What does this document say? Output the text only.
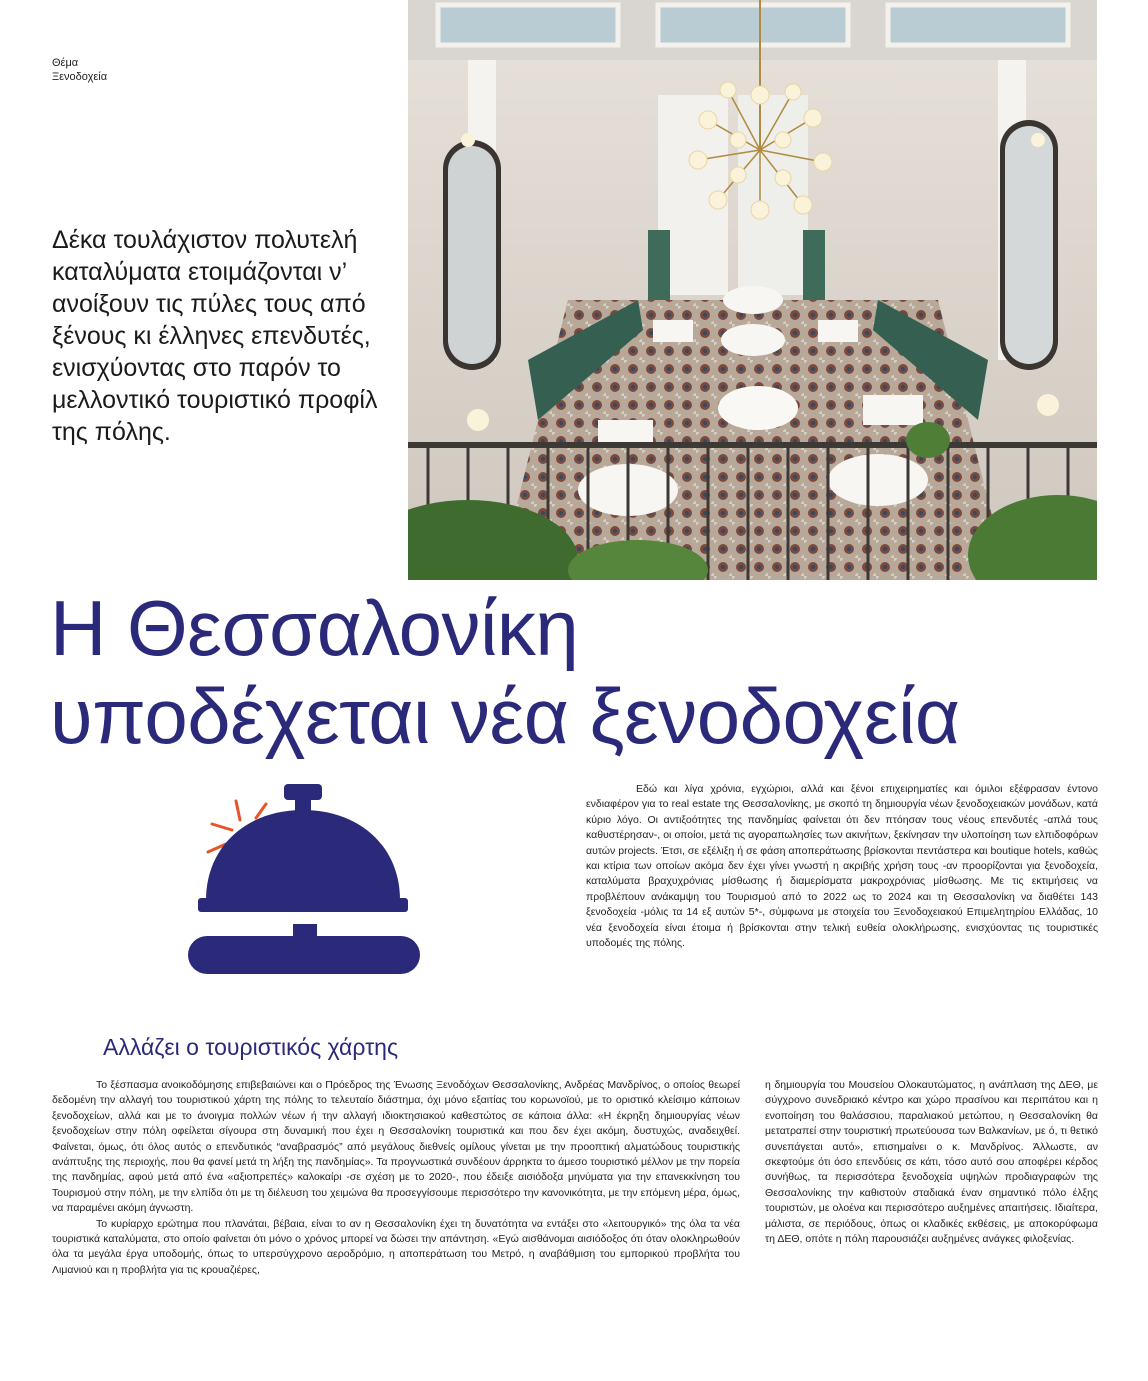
Θέμα
Ξενοδοχεία
Δέκα τουλάχιστον πολυτελή καταλύματα ετοιμάζονται ν’ ανοίξουν τις πύλες τους από ξένους κι έλληνες επενδυτές, ενισχύοντας στο παρόν το μελλοντικό τουριστικό προφίλ της πόλης.
Η Θεσσαλονίκη
υποδέχεται νέα ξενοδοχεία

Εδώ και λίγα χρόνια, εγχώριοι, αλλά και ξένοι επιχειρηματίες και όμιλοι εξέφρασαν έντονο ενδιαφέρον για το real estate της Θεσσαλονίκης, με σκοπό τη δημιουργία νέων ξενοδοχειακών μονάδων, κατά κύριο λόγο. Οι αντιξοότητες της πανδημίας φαίνεται ότι δεν πτόησαν τους νέους επενδυτές -απλά τους καθυστέρησαν-, οι οποίοι, μετά τις αγοραπωλησίες των ακινήτων, ξεκίνησαν την υλοποίηση των ελπιδοφόρων αυτών projects. Έτσι, σε εξέλιξη ή σε φάση αποπεράτωσης βρίσκονται πεντάστερα και boutique hotels, καθώς και κτίρια των οποίων ακόμα δεν έχει γίνει γνωστή η ακριβής χρήση τους -αν προορίζονται για ξενοδοχεία, καταλύματα βραχυχρόνιας μίσθωσης ή διαμερίσματα μακροχρόνιας μίσθωσης. Με τις εκτιμήσεις να προβλέπουν ανάκαμψη του Τουρισμού από το 2022 ως το 2024 και τη Θεσσαλονίκη να διαθέτει 143 ξενοδοχεία -μόλις τα 14 εξ αυτών 5*-, σύμφωνα με στοιχεία του Ξενοδοχειακού Επιμελητηρίου Ελλάδας, 10 νέα ξενοδοχεία είναι έτοιμα ή βρίσκονται στην τελική ευθεία ολοκλήρωσης, ενισχύοντας τις τουριστικές υποδομές της πόλης.

Αλλάζει ο τουριστικός χάρτης

Το ξέσπασμα ανοικοδόμησης επιβεβαιώνει και ο Πρόεδρος της Ένωσης Ξενοδόχων Θεσσαλονίκης, Ανδρέας Μανδρίνος, ο οποίος θεωρεί δεδομένη την αλλαγή του τουριστικού χάρτη της πόλης το τελευταίο διάστημα, όχι μόνο εξαιτίας του κορωνοϊού, με το οριστικό κλείσιμο κάποιων ξενοδοχείων, αλλά και με το άνοιγμα πολλών νέων ή την αλλαγή ιδιοκτησιακού καθεστώτος σε κάποια άλλα: «Η έκρηξη δημιουργίας νέων ξενοδοχείων στην πόλη οφείλεται σίγουρα στη δυναμική που έχει η Θεσσαλονίκη τουριστικά και που δεν έχει ακόμη, δυστυχώς, αναδειχθεί. Φαίνεται, όμως, ότι όλος αυτός ο επενδυτικός “αναβρασμός” από μεγάλους διεθνείς ομίλους γίνεται με την προοπτική αλματώδους τουριστικής ανάπτυξης της περιοχής, που θα φανεί μετά τη λήξη της πανδημίας». Τα προγνωστικά συνδέουν άρρηκτα το άμεσο τουριστικό μέλλον με την πορεία της πανδημίας, αφού μετά από ένα «αξιοπρεπές» καλοκαίρι -σε σχέση με το 2020-, που έδειξε αισιόδοξα μηνύματα για την επανεκκίνηση του Τουρισμού στην πόλη, με την ελπίδα ότι με τη διέλευση του χειμώνα θα προσεγγίσουμε περισσότερο την κανονικότητα, με την επόμενη μέρα, όμως, να παραμένει ακόμη άγνωστη.

Το κυρίαρχο ερώτημα που πλανάται, βέβαια, είναι το αν η Θεσσαλονίκη έχει τη δυνατότητα να εντάξει στο «λειτουργικό» της όλα τα νέα τουριστικά καταλύματα, στο οποίο φαίνεται ότι μόνο ο χρόνος μπορεί να δώσει την απάντηση. «Εγώ αισθάνομαι αισιόδοξος ότι όταν ολοκληρωθούν όλα τα μεγάλα έργα υποδομής, όπως το υπερσύγχρονο αεροδρόμιο, η αποπεράτωση του Μετρό, η αναβάθμιση του εμπορικού προβλήτα του Λιμανιού και η προβλήτα για τις κρουαζιέρες,

η δημιουργία του Μουσείου Ολοκαυτώματος, η ανάπλαση της ΔΕΘ, με σύγχρονο συνεδριακό κέντρο και χώρο πρασίνου και περιπάτου και η ενοποίηση του θαλάσσιου, παραλιακού μετώπου, η Θεσσαλονίκη θα μετατραπεί στην τουριστική πρωτεύουσα των Βαλκανίων, με ό, τι θετικό συνεπάγεται αυτό», επισημαίνει ο κ. Μανδρίνος. Άλλωστε, αν σκεφτούμε ότι όσο επενδύεις σε κάτι, τόσο αυτό σου αποφέρει κέρδος συνήθως, τα περισσότερα ξενοδοχεία υψηλών προδιαγραφών της Θεσσαλονίκης την καθιστούν σταδιακά έναν σημαντικό πόλο έλξης τουριστών, με ολοένα και περισσότερο αυξημένες απαιτήσεις. Ιδιαίτερα, μάλιστα, σε περιόδους, όπως οι κλαδικές εκθέσεις, με αποκορύφωμα τη ΔΕΘ, οπότε η πόλη παρουσιάζει αυξημένες ανάγκες φιλοξενίας.
